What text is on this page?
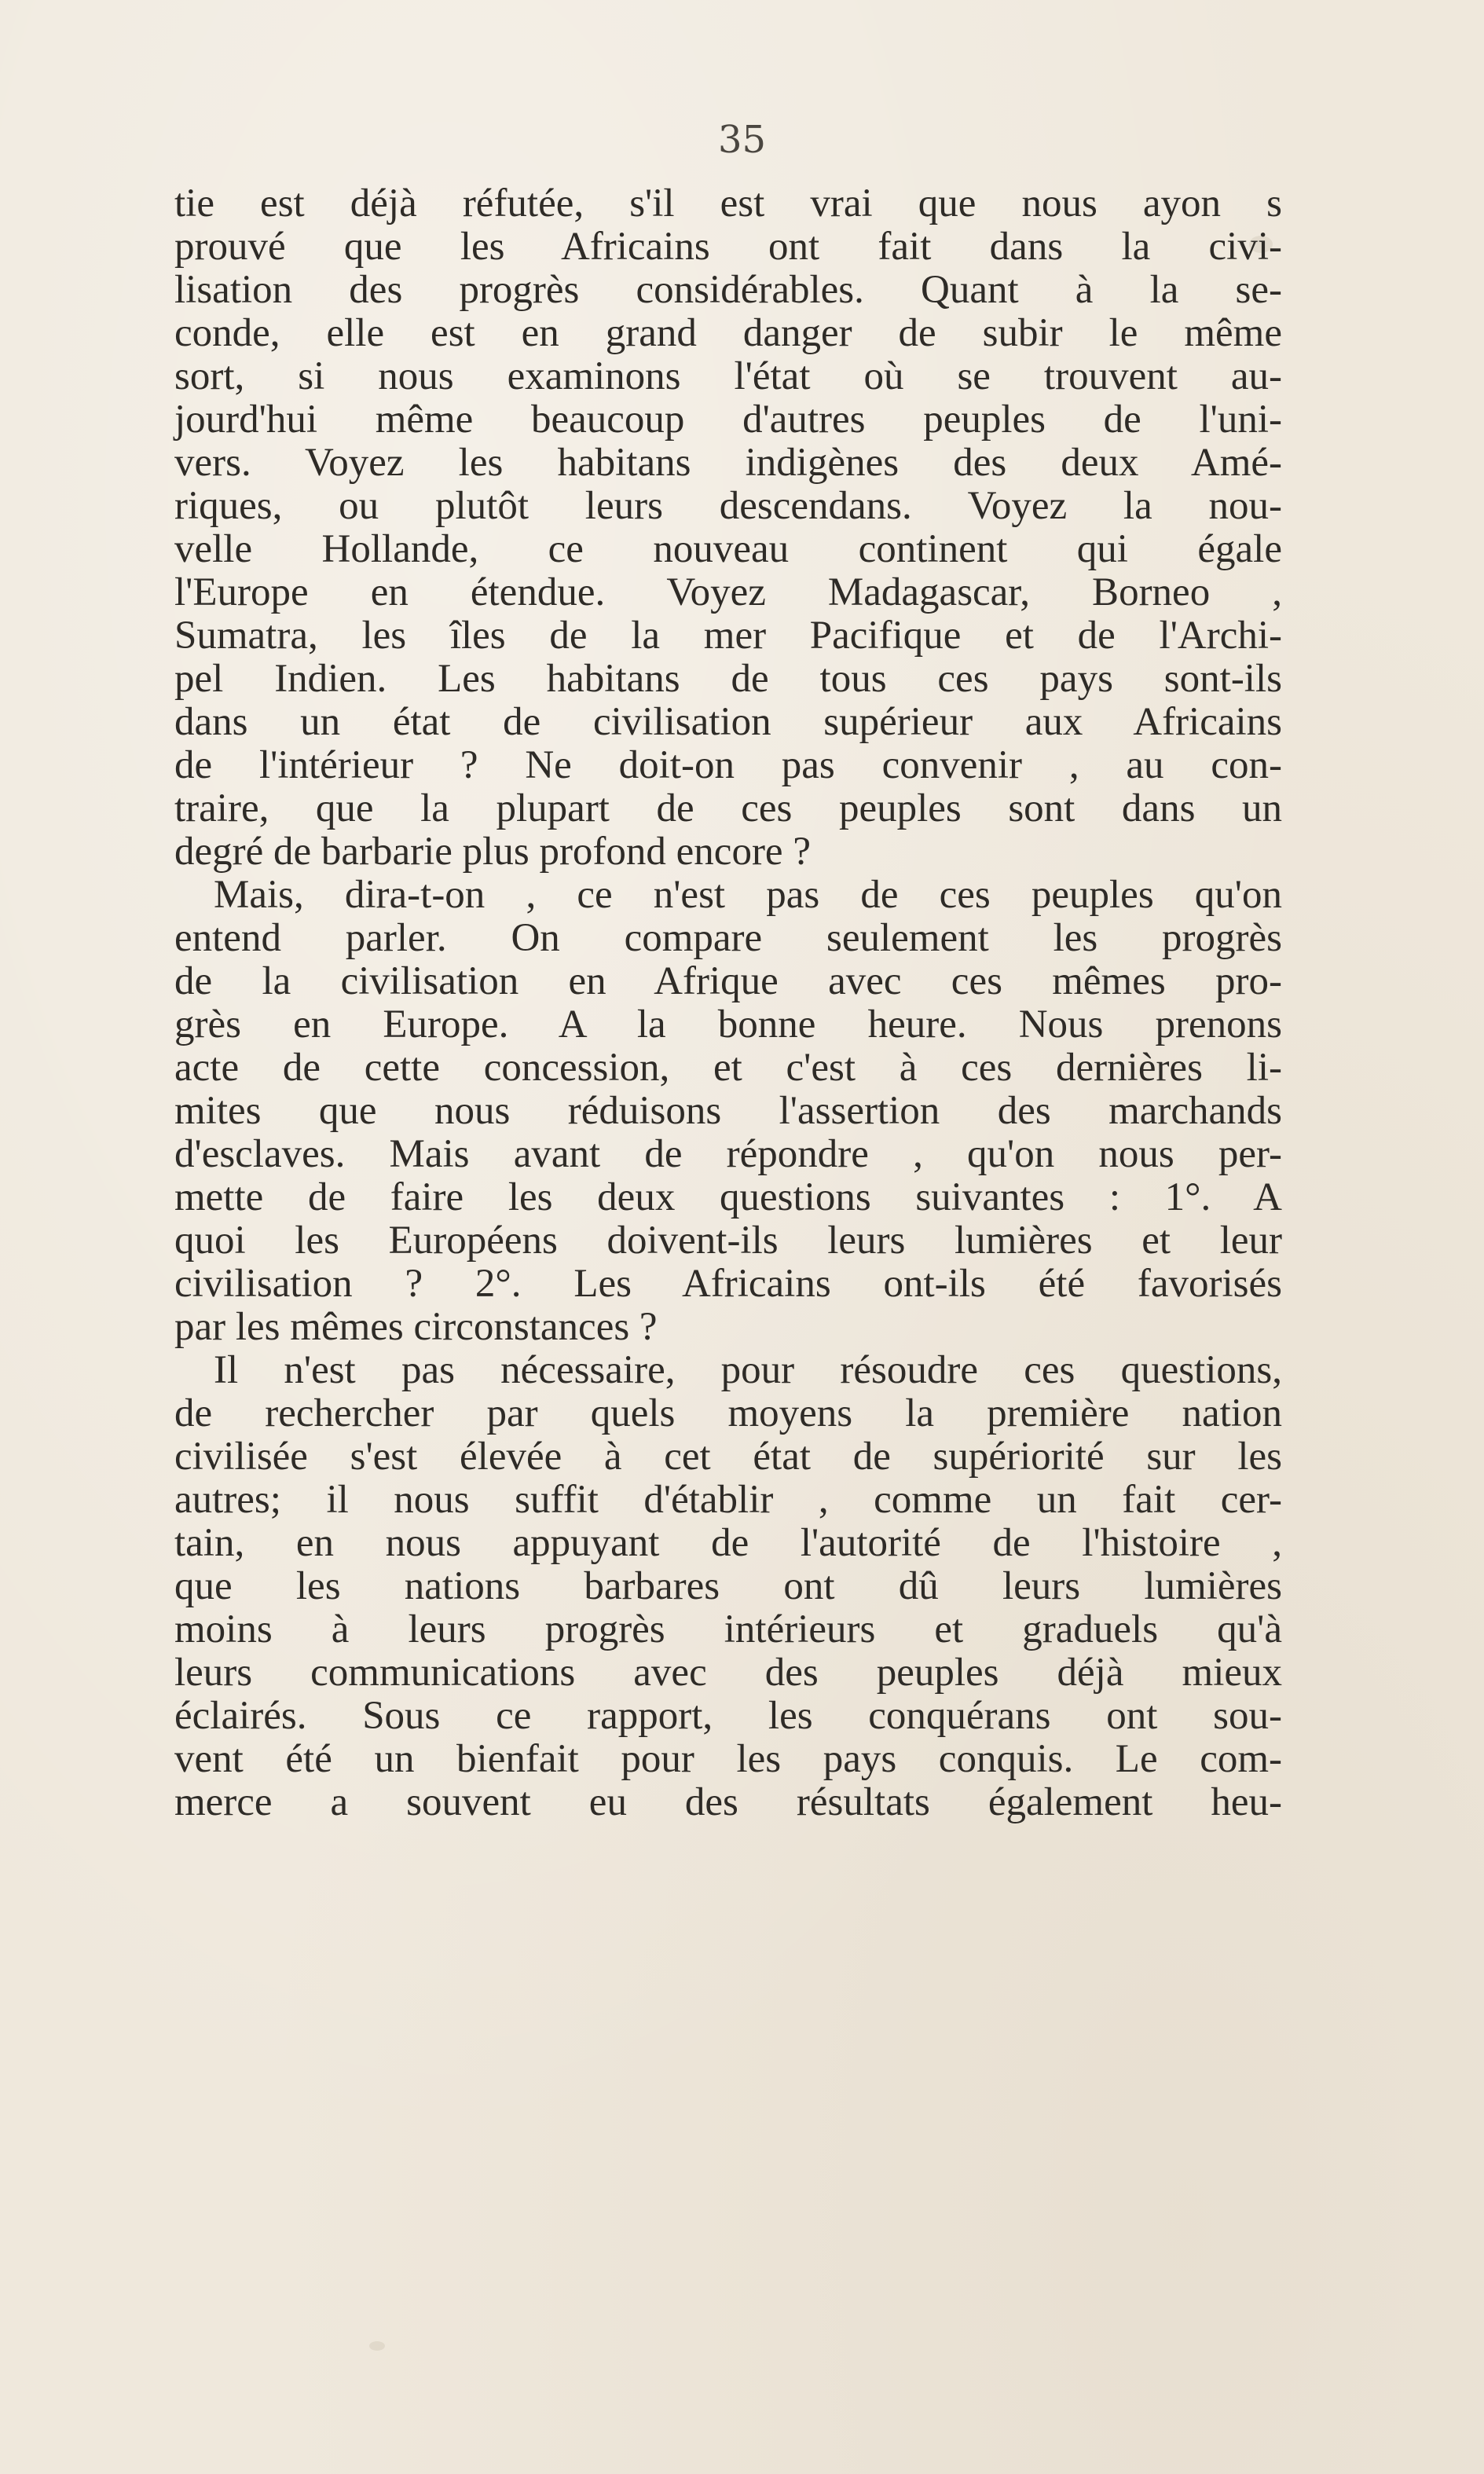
35
tie est déjà réfutée, s'il est vrai que nous ayon s
prouvé que les Africains ont fait dans la civi-
lisation des progrès considérables. Quant à la se-
conde, elle est en grand danger de subir le même
sort, si nous examinons l'état où se trouvent au-
jourd'hui même beaucoup d'autres peuples de l'uni-
vers. Voyez les habitans indigènes des deux Amé-
riques, ou plutôt leurs descendans. Voyez la nou-
velle Hollande, ce nouveau continent qui égale
l'Europe en étendue. Voyez Madagascar, Borneo ,
Sumatra, les îles de la mer Pacifique et de l'Archi-
pel Indien. Les habitans de tous ces pays sont-ils
dans un état de civilisation supérieur aux Africains
de l'intérieur ? Ne doit-on pas convenir , au con-
traire, que la plupart de ces peuples sont dans un
degré de barbarie plus profond encore ?
Mais, dira-t-on , ce n'est pas de ces peuples qu'on
entend parler. On compare seulement les progrès
de la civilisation en Afrique avec ces mêmes pro-
grès en Europe. A la bonne heure. Nous prenons
acte de cette concession, et c'est à ces dernières li-
mites que nous réduisons l'assertion des marchands
d'esclaves. Mais avant de répondre , qu'on nous per-
mette de faire les deux questions suivantes : 1°. A
quoi les Européens doivent-ils leurs lumières et leur
civilisation ? 2°. Les Africains ont-ils été favorisés
par les mêmes circonstances ?
Il n'est pas nécessaire, pour résoudre ces questions,
de rechercher par quels moyens la première nation
civilisée s'est élevée à cet état de supériorité sur les
autres; il nous suffit d'établir , comme un fait cer-
tain, en nous appuyant de l'autorité de l'histoire ,
que les nations barbares ont dû leurs lumières
moins à leurs progrès intérieurs et graduels qu'à
leurs communications avec des peuples déjà mieux
éclairés. Sous ce rapport, les conquérans ont sou-
vent été un bienfait pour les pays conquis. Le com-
merce a souvent eu des résultats également heu-
